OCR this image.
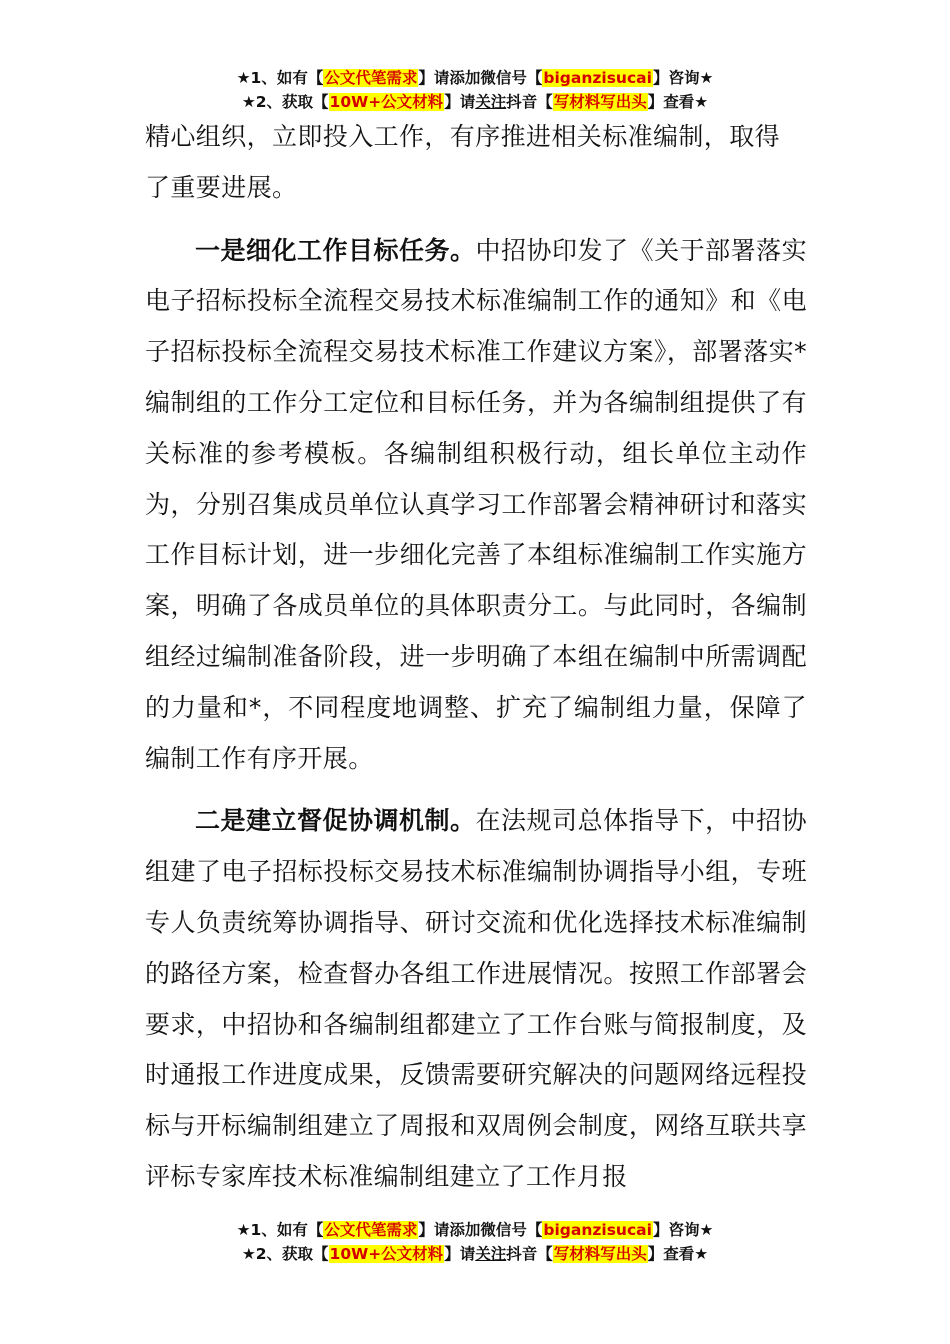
★1、如有【公文代笔需求】请添加微信号【biganzisucai】咨询★
★2、获取【10W+公文材料】请关注抖音【写材料写出头】查看★

精心组织，立即投入工作，有序推进相关标准编制，取得
了重要进展。

一是细化工作目标任务。中招协印发了《关于部署落实电子招标投标全流程交易技术标准编制工作的通知》和《电子招标投标全流程交易技术标准工作建议方案》，部署落实*编制组的工作分工定位和目标任务，并为各编制组提供了有关标准的参考模板。各编制组积极行动，组长单位主动作为，分别召集成员单位认真学习工作部署会精神研讨和落实工作目标计划，进一步细化完善了本组标准编制工作实施方案，明确了各成员单位的具体职责分工。与此同时，各编制组经过编制准备阶段，进一步明确了本组在编制中所需调配的力量和*，不同程度地调整、扩充了编制组力量，保障了编制工作有序开展。

二是建立督促协调机制。在法规司总体指导下，中招协组建了电子招标投标交易技术标准编制协调指导小组，专班专人负责统筹协调指导、研讨交流和优化选择技术标准编制的路径方案，检查督办各组工作进展情况。按照工作部署会要求，中招协和各编制组都建立了工作台账与简报制度，及时通报工作进度成果，反馈需要研究解决的问题网络远程投标与开标编制组建立了周报和双周例会制度，网络互联共享评标专家库技术标准编制组建立了工作月报

★1、如有【公文代笔需求】请添加微信号【biganzisucai】咨询★
★2、获取【10W+公文材料】请关注抖音【写材料写出头】查看★
